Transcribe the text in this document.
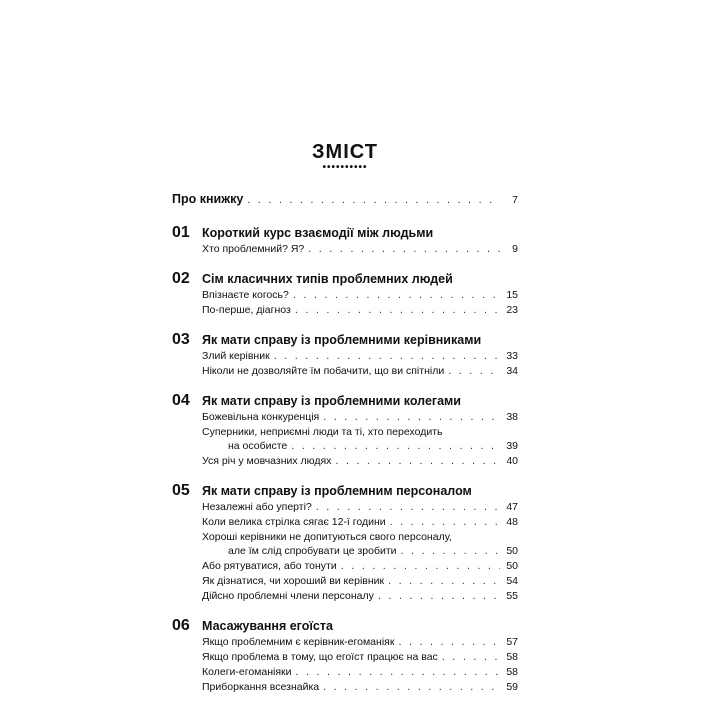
ЗМІСТ
••••••••••
Про книжку . . .	7
01 Короткий курс взаємодії між людьми
Хто проблемний? Я? . . .	9
02 Сім класичних типів проблемних людей
Впізнаєте когось? . . .	15
По-перше, діагноз . . .	23
03 Як мати справу із проблемними керівниками
Злий керівник . . .	33
Ніколи не дозволяйте їм побачити, що ви спітніли . . .	34
04 Як мати справу із проблемними колегами
Божевільна конкуренція . . .	38
Суперники, неприємні люди та ті, хто переходить
на особисте . . .	39
Уся річ у мовчазних людях . . .	40
05 Як мати справу із проблемним персоналом
Незалежні або уперті? . . .	47
Коли велика стрілка сягає 12-ї години . . .	48
Хороші керівники не допитуються свого персоналу,
але їм слід спробувати це зробити . . .	50
Або рятуватися, або тонути . . .	50
Як дізнатися, чи хороший ви керівник . . .	54
Дійсно проблемні члени персоналу . . .	55
06 Масажування егоїста
Якщо проблемним є керівник-егоманіяк . . .	57
Якщо проблема в тому, що егоїст працює на вас . . .	58
Колеги-егоманіяки . . .	58
Приборкання всезнайка . . .	59
